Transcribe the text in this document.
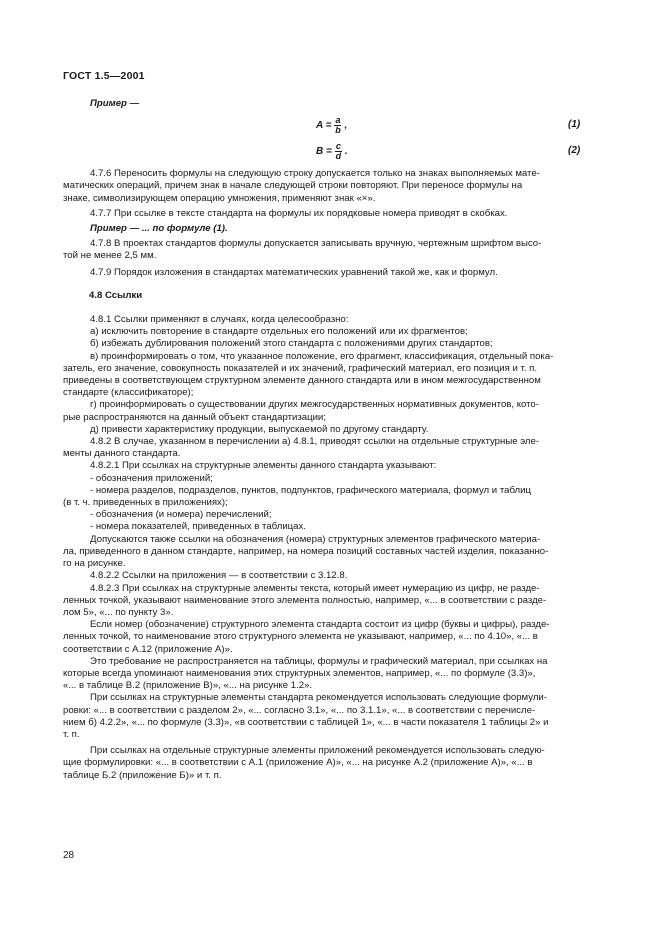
ГОСТ 1.5—2001
Пример —
$A = \frac{a}{b}$ ,	(1)
$B = \frac{c}{d}$ .	(2)

4.7.6 Переносить формулы на следующую строку допускается только на знаках выполняемых мате-

матических операций, причем знак в начале следующей строки повторяют. При переносе формулы на

знаке, символизирующем операцию умножения, применяют знак «×».

4.7.7 При ссылке в тексте стандарта на формулы их порядковые номера приводят в скобках.

Пример — ... по формуле (1).

4.7.8 В проектах стандартов формулы допускается записывать вручную, чертежным шрифтом высо-

той не менее 2,5 мм.

4.7.9 Порядок изложения в стандартах математических уравнений такой же, как и формул.

4.8 Ссылки

4.8.1 Ссылки применяют в случаях, когда целесообразно:

а) исключить повторение в стандарте отдельных его положений или их фрагментов;

б) избежать дублирования положений этого стандарта с положениями других стандартов;

в) проинформировать о том, что указанное положение, его фрагмент, классификация, отдельный пока-

затель, его значение, совокупность показателей и их значений, графический материал, его позиция и т. п.

приведены в соответствующем структурном элементе данного стандарта или в ином межгосударственном

стандарте (классификаторе);

г) проинформировать о существовании других межгосударственных нормативных документов, кото-

рые распространяются на данный объект стандартизации;

д) привести характеристику продукции, выпускаемой по другому стандарту.

4.8.2 В случае, указанном в перечислении а) 4.8.1, приводят ссылки на отдельные структурные эле-

менты данного стандарта.

4.8.2.1 При ссылках на структурные элементы данного стандарта указывают:

- обозначения приложений;

- номера разделов, подразделов, пунктов, подпунктов, графического материала, формул и таблиц

(в т. ч. приведенных в приложениях);

- обозначения (и номера) перечислений;

- номера показателей, приведенных в таблицах.

Допускаются также ссылки на обозначения (номера) структурных элементов графического материа-

ла, приведенного в данном стандарте, например, на номера позиций составных частей изделия, показанно-

го на рисунке.

4.8.2.2 Ссылки на приложения — в соответствии с 3.12.8.

4.8.2.3 При ссылках на структурные элементы текста, который имеет нумерацию из цифр, не разде-

ленных точкой, указывают наименование этого элемента полностью, например, «... в соответствии с разде-

лом 5», «... по пункту 3».

Если номер (обозначение) структурного элемента стандарта состоит из цифр (буквы и цифры), разде-

ленных точкой, то наименование этого структурного элемента не указывают, например, «... по 4.10», «... в

соответствии с А.12 (приложение А)».

Это требование не распространяется на таблицы, формулы и графический материал, при ссылках на

которые всегда упоминают наименования этих структурных элементов, например, «... по формуле (3.3)»,

«... в таблице В.2 (приложение В)», «... на рисунке 1.2».

При ссылках на структурные элементы стандарта рекомендуется использовать следующие формули-

ровки: «... в соответствии с разделом 2», «... согласно 3.1», «... по 3.1.1», «... в соответствии с перечисле-

нием б) 4.2.2», «... по формуле (3.3)», «в соответствии с таблицей 1», «... в части показателя 1 таблицы 2» и

т. п.

При ссылках на отдельные структурные элементы приложений рекомендуется использовать следую-

щие формулировки: «... в соответствии с А.1 (приложение А)», «... на рисунке А.2 (приложение А)», «... в

таблице Б.2 (приложение Б)» и т. п.

28
